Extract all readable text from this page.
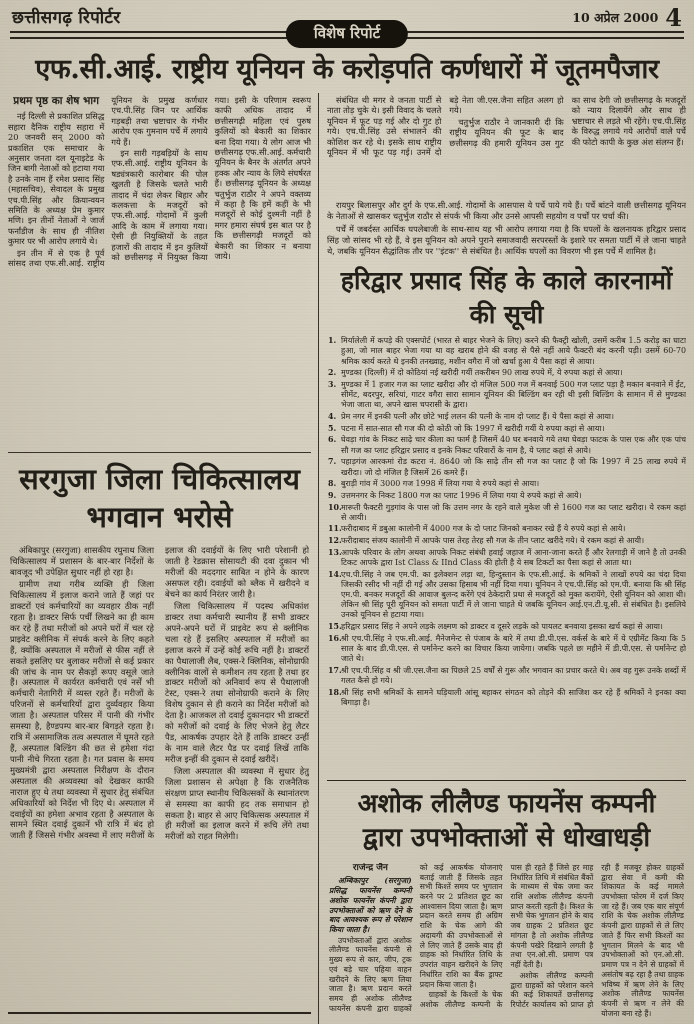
छत्तीसगढ़ रिपोर्टर	10 अप्रेल 2000 4
विशेष रिपोर्ट
एफ.सी.आई. राष्ट्रीय यूनियन के करोड़पति कर्णधारों में जूतमपैजार
प्रथम पृष्ठ का शेष भाग

नई दिल्ली से प्रकाशित प्रसिद्ध सहारा दैनिक राष्ट्रीय सहारा में 20 जनवरी सन् 2000 को प्रकाशित एक समाचार के अनुसार जनता दल यूनाइटेड के जिन बागी नेताओं को हटाया गया है उनके नाम हैं रमेश प्रसाद सिंह (महासचिव), सेवादल के प्रमुख एच.पी.सिंह और क्रियान्वयन समिति के अध्यक्ष प्रेम कुमार मणि। इन तीनों नेताओं ने जार्ज फर्नांडीज के साथ ही नीतिश कुमार पर भी आरोप लगाये थे।

इन तीन में से एक है पूर्व सांसद तथा एफ.सी.आई. राष्ट्रीय यूनियन के प्रमुख कर्णधार एच.पी.सिंह जिन पर आर्थिक गड़बड़ी तथा भ्रष्टाचार के गंभीर आरोप एक गुमनाम पर्चे में लगाये गये हैं।

इन सारी गड़बड़ियों के साथ एफ.सी.आई. राष्ट्रीय यूनियन के षड्यंत्रकारी कारोबार की पोल खुलती है जिसके चलते भारी तादाद में चंदा लेकर बिहार और कलकत्ता के मजदूरों को एफ.सी.आई. गोदामों में कुली आदि के काम में लगाया गया। ऐसी ही नियुक्तियों के तहत हजारों की तादाद में इन कुलियों को छत्तीसगढ़ में नियुक्त किया गया। इसी के परिणाम स्वरूप काफी अधिक तादाद में छत्तीसगढ़ी महिला एवं पुरुष कुलियों को बेकारी का शिकार बना दिया गया। ये लोग आज भी छत्तीसगढ़ एफ.सी.आई. कर्मचारी यूनियन के बैनर के अंतर्गत अपने हक्क और न्याय के लिये संघर्षरत हैं। छत्तीसगढ़ यूनियन के अध्यक्ष चतुर्भुज राठौर ने अपने वक्तव्य में कहा है कि हमें कहीं के भी मजदूरों से कोई दुश्मनी नहीं है मगर हमारा संघर्ष इस बात पर है कि छत्तीसगढ़ी मजदूरों को बेकारी का शिकार न बनाया जाये।

सरगुजा जिला चिकित्सालय
भगवान भरोसे

अंबिकापुर (सरगुजा) शासकीय रघुनाथ जिला चिकित्सालय में प्रशासन के बार-बार निर्देशों के बावजूद भी उपेक्षित सुधार नहीं हो रहा है।

ग्रामीण तथा गरीब व्यक्ति ही जिला चिकित्सालय में इलाज कराने जाते हैं जहां पर डाक्टरों एवं कर्मचारियों का व्यवहार ठीक नहीं रहता है। डाक्टर सिर्फ पर्चीं लिखने का ही काम कर रहे हैं तथा मरीजों को अपने घरों में चल रहे प्राइवेट क्लीनिक में संपर्क करने के लिए कहते हैं, क्योंकि अस्पताल में मरीजों से फीस नहीं ले सकते इसलिए घर बुलाकर मरीजों से कई प्रकार की जांच के नाम पर सैकड़ों रूपए वसूले जाते हैं। अस्पताल में कार्यरत कर्मचारी एवं नर्सें भी कर्मचारी नेतागिरी में व्यस्त रहते हैं। मरीजों के परिजनों से कर्मचारियों द्वारा दुर्व्यवहार किया जाता है। अस्पताल परिसर में पानी की गंभीर समस्या है, हैण्डपम्प बार-बार बिगड़ते रहता है। रात्रि में असामाजिक तत्व अस्पताल में घूमते रहते हैं, अस्पताल बिल्डिंग की छत से हमेशा गंदा पानी नीचे गिरता रहता है। गत प्रवास के समय मुख्यमंत्री द्वारा अस्पताल निरीक्षण के दौरान अस्पताल की अव्यवस्था को देखकर काफी नाराज हुए थे तथा व्यवस्था में सुधार हेतु संबंधित अधिकारियों को निर्देश भी दिए थे। अस्पताल में दवाईयों का हमेशा अभाव रहता है अस्पताल के सामने स्थित दवाई दुकानें भी रात्रि में बंद हो जाती हैं जिससे गंभीर अवस्था में लाए मरीजों के इलाज की दवाईयों के लिए भारी परेशानी हो जाती है रेडक्रास सोसायटी की दवा दुकान भी मरीजों की मददगार साबित न होने के कारण असफल रही। दवाईयों को ब्लैक में खरीदने व बेचने का कार्य निरंतर जारी है।

जिला चिकित्सालय में पदस्थ अधिकांश डाक्टर तथा कर्मचारी स्थानीय हैं सभी डाक्टर अपने-अपने घरों में प्राइवेट रूप से क्लीनिक चला रहे हैं इसलिए अस्पताल में मरीजों का इलाज करने में उन्हें कोई रूचि नहीं है। डाक्टरों का पैथालाजी लैब, एक्स-रे क्लिनिक, सोनोग्राफी क्लीनिक वालों से कमीशन तय रहता है तथा हर डाक्टर मरीजों को अनिवार्य रूप से पैथालाजी टेस्ट, एक्स-रे तथा सोनोग्राफी कराने के लिए विशेष दुकान से ही कराने का निर्देश मरीजों को देता है। आजकल तो दवाई दुकानदार भी डाक्टरों को मरीजों को दवाई के लिए भेजने हेतु लैटर पैड, आकर्षक उपहार देते हैं ताकि डाक्टर उन्हीं के नाम वाले लैटर पैड पर दवाई लिखें ताकि मरीज इन्हीं की दुकान से दवाई खरीदें।

जिला अस्पताल की व्यवस्था में सुधार हेतु जिला प्रशासन से अपेक्षा है कि राजनैतिक संरक्षण प्राप्त स्थानीय चिकित्सकों के स्थानांतरण से समस्या का काफी हद तक समाधान हो सकता है। बाहर से आए चिकित्सक अस्पताल में ही मरीजों का इलाज करने में रूचि लेंगे तथा मरीजों को राहत मिलेगी।

संबंधित थी मगर वे जनता पार्टी से नाता तोड़ चुके थे। इसी विवाद के चलते यूनियन में फूट पड़ गई और दो गुट हो गये। एच.पी.सिंह उसे संभालने की कोशिश कर रहे थे। इसके साथ राष्ट्रीय यूनियन में भी फूट पड़ गई। उनमें दो बड़े नेता जी.एस.जैना सहित अलग हो गये।

चतुर्भुज राठौर ने जानकारी दी कि राष्ट्रीय यूनियन की फूट के बाद छत्तीसगढ़ की हमारी यूनियन उस गुट का साथ देगी जो छत्तीसगढ़ के मजदूरों को न्याय दिलायेंगे और साथ ही भ्रष्टाचार से लड़ते भी रहेंगे। एच.पी.सिंह के विरुद्ध लगाये गये आरोपों वाले पर्चे की फोटो कापी के कुछ अंश संलग्न हैं।

रायपुर बिलासपुर और दुर्ग के एफ.सी.आई. गोदामों के आसपास ये पर्चे पाये गये हैं। पर्चे बांटने वाली छत्तीसगढ़ यूनियन के नेताओं से खासकर चतुर्भुज राठौर से संपर्क भी किया और उनसे आपसी सहयोग व पर्चों पर चर्चा की।

पर्चें में जबर्दस्त आर्थिक घपलेबाजी के साथ-साथ यह भी आरोप लगाया गया है कि घपलों के खलनायक हरिद्वार प्रसाद सिंह जो सांसद भी रहे हैं, वे इस यूनियन को अपने पुराने समाजवादी सरपरस्तों के इशारे पर समता पार्टी में ले जाना चाहते थे, जबकि यूनियन सैद्धांतिक तौर पर ''इंटक'' से संबंधित है। आर्थिक घपलों का विवरण भी इस पर्चे में शामिल है।

हरिद्वार प्रसाद सिंह के काले कारनामों की सूची
मिर्यालेली में कपड़े की एक्सपोर्ट (भारत से बाहर भेजने के लिए) करने की फैक्ट्री खोली, उसमें करीब 1.5 करोड़ का घाटा हुआ, जो माल बाहर भेजा गया था वह खराब होने की वजह से पैसे नहीं आये फैक्टरी बंद करनी पड़ी। उसमें 60-70 श्रमिक कार्य करते थे इनकी तनख्वाह, मशीन वगैरा में जो खर्चा हुआ ये पैसा कहां से आया।
मुण्डका (दिल्ली) में दो कोठियां नई खरीदी गयीं तकरीबन 90 लाख रुपये में, ये रुपया कहां से आया।
मुण्डका में 1 हजार गज का प्लाट खरीदा और दो मंजिल 500 गज में बनवाई 500 गज प्लाट पड़ा है मकान बनवाने में ईंट, सीमेंट, बदरपुर, सरियां, गाटर वगैरा सारा सामान यूनियन की बिल्डिंग बन रही थी इसी बिल्डिंग के सामान में से मुण्डका भेजा जाता था, अपने खास चपरासी के द्वारा।
प्रेम नगर में इनकी पत्नी और छोटे भाई ललन की पत्नी के नाम दो प्लाट हैं। ये पैसा कहां से आया।
पटना में सात-सात सौ गज की दो कोठी जो कि 1997 में खरीदी गयीं ये रुपया कहां से आया।
घेवड़ा गांव के निकट साढ़े चार कीला का फार्म है जिसमें 40 घर बनवाये गये तथा घेवड़ा फाटक के पास एक और एक पांच सौ गज का प्लाट हरिद्वार प्रसाद व इनके निकट परिवारों के नाम है, ये प्लाट कहां से आये।
पहाड़गंज आरकमां रोड कटरा नं. 8640 जो कि साढ़े तीन सौ गज का प्लाट है जो कि 1997 में 25 लाख रुपये में खरीदा। जो दो मंजिल है जिसमें 26 कमरे हैं।
बुराड़ी गांव में 3000 गज 1998 में लिया गया ये रुपये कहां से आया।
उत्तमनगर के निकट 1800 गज का प्लाट 1996 में लिया गया ये रुपये कहां से आये।
मारूती फैक्टरी गुड़गांव के पास जो कि उत्तम नगर के रहने वाले मुकेश जी से 1600 गज का प्लाट खरीदा। ये रकम कहां से आयी।
फरीदाबाद में डबुआ कालोनी में 4000 गज के दो प्लाट जिनको बनाकर रखे हैं ये रुपये कहां से आये।
फरीदाबाद संजय कालोनी में आपके पास तेरह तेरह सौ गज के तीन प्लाट खरीदे गये। ये रकम कहां से आयी।
आपके परिवार के लोग अथवा आपके निकट संबंधी हवाई जहाज में आना-जाना करते हैं और रेलगाड़ी में जाने है तो उनकी टिकट आपके द्वारा Ist Class & IInd Class की होती है ये सब टिकटों का पैसा कहां से आता था।
एच.पी.सिंह ने जब एम.पी. का इलेक्शन लड़ा था, हिन्दुस्तान के एफ.सी.आई. के श्रमिकों ने लाखों रुपये का चंदा दिया जिसकी रसीद भी नहीं दी गई और उसका हिसाब भी नहीं दिया गया। यूनियन ने एच.पी.सिंह को एम.पी. बनाया कि श्री सिंह एम.पी. बनकर मजदूरों की आवाज बुलन्द करेंगे एवं ठेकेदारी प्रथा से मजदूरों को मुक्त करायेंगे, ऐसी यूनियन को आशा थी। लेकिन श्री सिंह पूरी यूनियन को समता पार्टी में ले जाना चाहते थे जबकि यूनियन आई.एन.टी.यू.सी. से संबंधित है। इसलिये उनको यूनियन से हटाया गया।
हरिद्वार प्रसाद सिंह ने अपने लड़के लक्ष्मण को डाक्टर व दूसरे लड़के को पायलट बनवाया इसका खर्च कहां से आया।
श्री एच.पी.सिंह ने एफ.सी.आई. मैनेजमेन्ट से पंजाब के बारे में तथा डी.पी.एस. वर्कर्स के बारे में ये एग्रीमेंट किया कि 5 साल के बाद डी.पी.एस. से पर्मानेन्ट करने का विचार किया जायेगा। जबकि पहले छः महीने में डी.पी.एस. से पर्मानेन्ट हो जाते थे।
श्री एच.पी.सिंह व श्री जी.एस.जैना का पिछले 25 वर्षों से गुरू और भगवान का प्रचार करते थे। अब वह गुरू उनके शब्दों में गलत कैसे हो गये।
श्री सिंह सभी श्रमिकों के सामने घड़ियाली आंसू बहाकर संगठन को तोड़ने की साजिश कर रहे हैं श्रमिकों ने इनका क्या बिगाड़ा है।
अशोक लीलैण्ड फायनेंस कम्पनी
द्वारा उपभोक्ताओं से धोखाधड़ी

राजेन्द्र जैन

अम्बिकापुर (सरगुजा) प्रसिद्ध फायनेंस कम्पनी अशोक फायनेंस कंपनी द्वारा उपभोक्ताओं को ऋण देने के बाद आवश्यक रूप से परेशान किया जाता है।

उपभोक्ताओं द्वारा अशोक लीलैण्ड फायनेंस कंपनी से मुख्य रूप से कार, जीप, ट्रक एवं बड़े चार पहिया वाहन खरीदने के लिए ऋण लिया जाता है। ऋण प्रदान करते समय ही अशोक लीलैण्ड फायनेंस कंपनी द्वारा ग्राहकों को कई आकर्षक योजनाएं बताई जाती हैं जिसके तहत सभी किश्तें समय पर भुगतान करने पर 2 प्रतिशत छूट का आश्वासन दिया जाता है। ऋण प्रदान करते समय ही अग्रिम राशि के चेक आगे की अदायगी की उपभोक्ताओं से ले लिए जाते हैं उसके बाद ही ग्राहक को निर्धारित तिथि के उपरांत वाहन खरीदने के लिए निर्धारित राशि का बैंक ड्राफ्ट प्रदान किया जाता है।

ग्राहकों के किश्तों के चेक अशोक लीलैण्ड कम्पनी के पास ही रहते हैं जिसे हर माह निर्धारित तिथि में संबंधित बैंकों के माध्यम से चेक जमा कर राशि अशोक लीलैण्ड कंपनी प्राप्त करती रहती है। किश्त के सभी चेक भुगतान होने के बाद जब ग्राहक 2 प्रतिशत छूट मांगता है तो अशोक लीलैण्ड कंपनी पखेरे दिखाने लगती है तथा एन.ओ.सी. प्रमाण पत्र नहीं देती है।

अशोक लीलैण्ड कम्पनी द्वारा ग्राहकों को परेशान करने की कई शिकायतें छत्तीसगढ़ रिपोर्टर कार्यालय को प्राप्त हो रही हैं मजबूर होकर ग्राहकों द्वारा सेवा में कमी की शिकायत के कई मामले उपभोक्ता फोरम में दर्ज किए जा रहे हैं। जब एक बार संपूर्ण राशि के चेक अशोक लीलैण्ड कंपनी द्वारा ग्राहकों से ले लिए जाते हैं फिर सभी किश्तों का भुगतान मिलने के बाद भी उपभोक्ताओं को एन.ओ.सी. प्रमाण पत्र न देने से ग्राहकों में असंतोष बढ़ रहा है तथा ग्राहक भविष्य में ऋण लेने के लिए अशोक लीलैण्ड फायनेंस कंपनी से ऋण न लेने की योजना बना रहे हैं।
